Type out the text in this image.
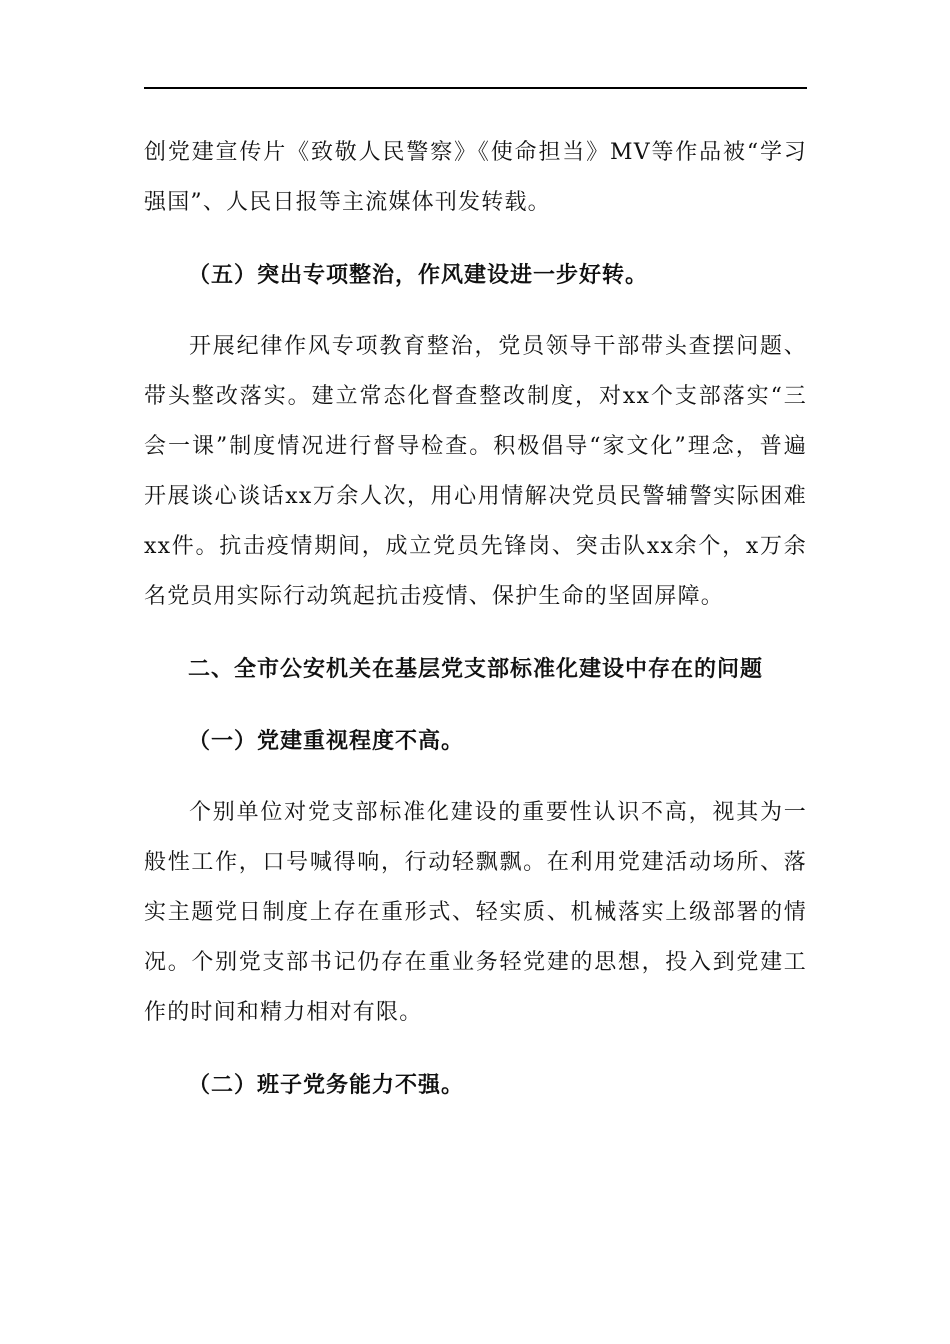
创党建宣传片《致敬人民警察》《使命担当》MV等作品被“学习强国”、人民日报等主流媒体刊发转载。

（五）突出专项整治，作风建设进一步好转。

开展纪律作风专项教育整治，党员领导干部带头查摆问题、带头整改落实。建立常态化督查整改制度，对xx个支部落实“三会一课”制度情况进行督导检查。积极倡导“家文化”理念，普遍开展谈心谈话xx万余人次，用心用情解决党员民警辅警实际困难xx件。抗击疫情期间，成立党员先锋岗、突击队xx余个，x万余名党员用实际行动筑起抗击疫情、保护生命的坚固屏障。

二、全市公安机关在基层党支部标准化建设中存在的问题
（一）党建重视程度不高。

个别单位对党支部标准化建设的重要性认识不高，视其为一般性工作，口号喊得响，行动轻飘飘。在利用党建活动场所、落实主题党日制度上存在重形式、轻实质、机械落实上级部署的情况。个别党支部书记仍存在重业务轻党建的思想，投入到党建工作的时间和精力相对有限。

（二）班子党务能力不强。
